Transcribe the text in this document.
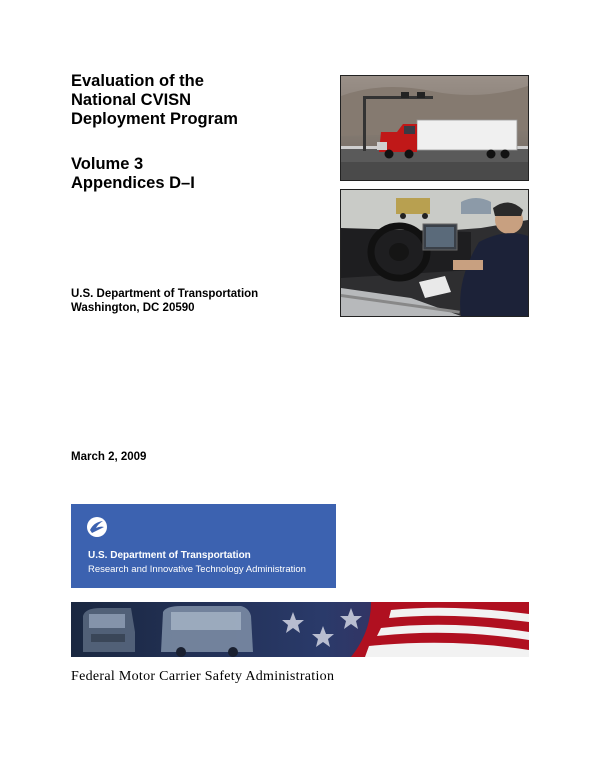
Evaluation of the
National CVISN
Deployment Program
Volume 3
Appendices D–I
U.S. Department of Transportation
Washington, DC 20590
March 2, 2009
U.S. Department of Transportation
Research and Innovative Technology Administration
Federal Motor Carrier Safety Administration
